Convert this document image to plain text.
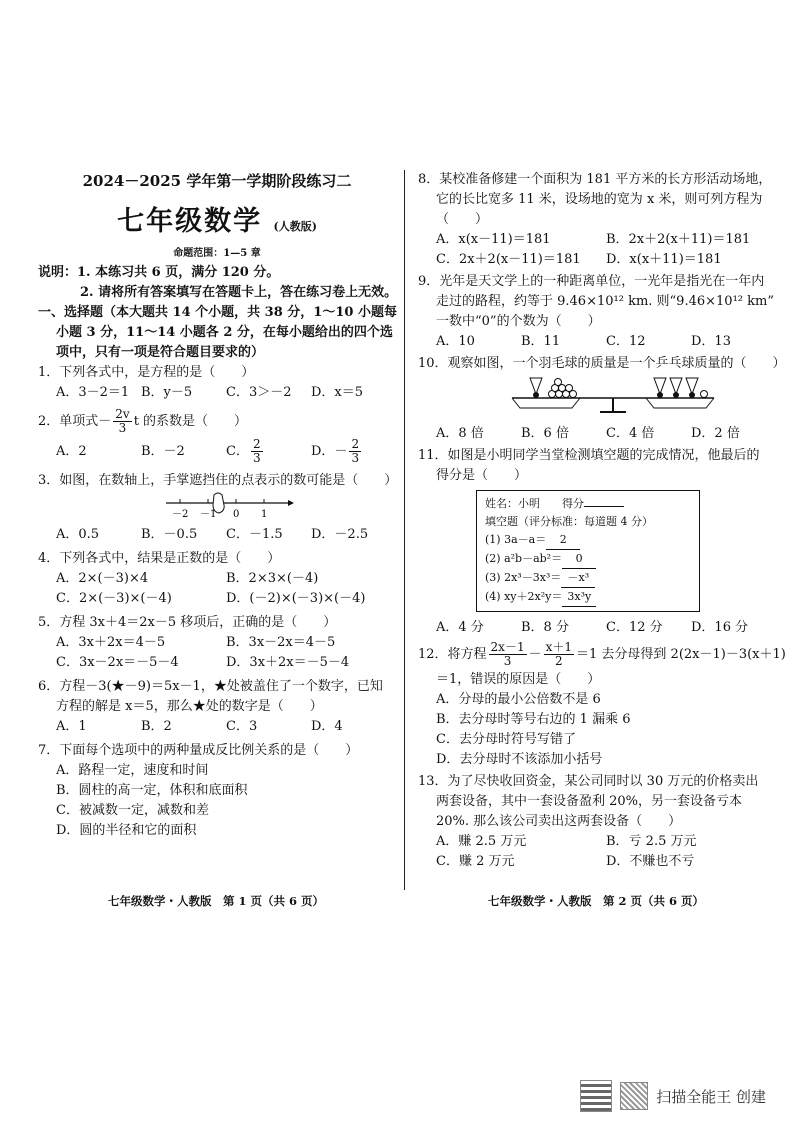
2024－2025 学年第一学期阶段练习二
七年级数学 (人教版)
命题范围：1—5 章
说明：1. 本练习共 6 页，满分 120 分。
2. 请将所有答案填写在答题卡上，答在练习卷上无效。
一、选择题（本大题共 14 个小题，共 38 分，1～10 小题每
小题 3 分，11～14 小题各 2 分，在每小题给出的四个选
项中，只有一项是符合题目要求的）
1．下列各式中，是方程的是（　　）
A．3－2＝1 B．y－5	C．3＞－2	D．x＝5
2．单项式－ $\frac{2v}{3}$ t 的系数是（　　）
A．2	B．－2	C． $\frac{2}{3}$	D．－ $\frac{2}{3}$
3．如图，在数轴上，手掌遮挡住的点表示的数可能是（　　）
－2 －1 0 1
A．0.5	B．－0.5	C．－1.5	D．－2.5
4．下列各式中，结果是正数的是（　　）
A．2×(－3)×4	B．2×3×(－4)
C．2×(－3)×(－4)	D．(－2)×(－3)×(－4)
5．方程 3x＋4＝2x－5 移项后，正确的是（　　）
A．3x＋2x＝4－5	B．3x－2x＝4－5
C．3x－2x＝－5－4	D．3x＋2x＝－5－4
6．方程－3(★－9)＝5x－1，★处被盖住了一个数字，已知
方程的解是 x＝5，那么★处的数字是（　　）
A．1	B．2	C．3	D．4
7．下面每个选项中的两种量成反比例关系的是（　　）
A．路程一定，速度和时间
B．圆柱的高一定，体积和底面积
C．被减数一定，减数和差
D．圆的半径和它的面积
七年级数学・人教版　第 1 页（共 6 页）
8．某校准备修建一个面积为 181 平方米的长方形活动场地，
它的长比宽多 11 米，设场地的宽为 x 米，则可列方程为
（　　）
A．x(x－11)＝181	B．2x＋2(x＋11)＝181
C．2x＋2(x－11)＝181	D．x(x＋11)＝181
9．光年是天文学上的一种距离单位，一光年是指光在一年内
走过的路程，约等于 9.46×10¹² km. 则“9.46×10¹² km”
一数中“0”的个数为（　　）
A．10	B．11	C．12	D．13
10．观察如图，一个羽毛球的质量是一个乒乓球质量的（　　）
A．8 倍	B．6 倍	C．4 倍	D．2 倍
11．如图是小明同学当堂检测填空题的完成情况，他最后的
得分是（　　）
姓名：小明　　 得分
填空题（评分标准：每道题 4 分）
(1) 3a－a＝ 2
(2) a²b－ab²＝ 0
(3) 2x³－3x³＝ －x³
(4) xy＋2x²y＝ 3x³y
A．4 分	B．8 分	C．12 分	D．16 分
12．将方程 $\frac{2x-1}{3} - \frac{x+1}{2} =1$ 去分母得到 2(2x－1)－3(x＋1)
＝1，错误的原因是（　　）
A．分母的最小公倍数不是 6
B．去分母时等号右边的 1 漏乘 6
C．去分母时符号写错了
D．去分母时不该添加小括号
13．为了尽快收回资金，某公司同时以 30 万元的价格卖出
两套设备，其中一套设备盈利 20%，另一套设备亏本
20%. 那么该公司卖出这两套设备（　　）
A．赚 2.5 万元	B．亏 2.5 万元
C．赚 2 万元	D．不赚也不亏
七年级数学・人教版　第 2 页（共 6 页）
扫描全能王 创建
